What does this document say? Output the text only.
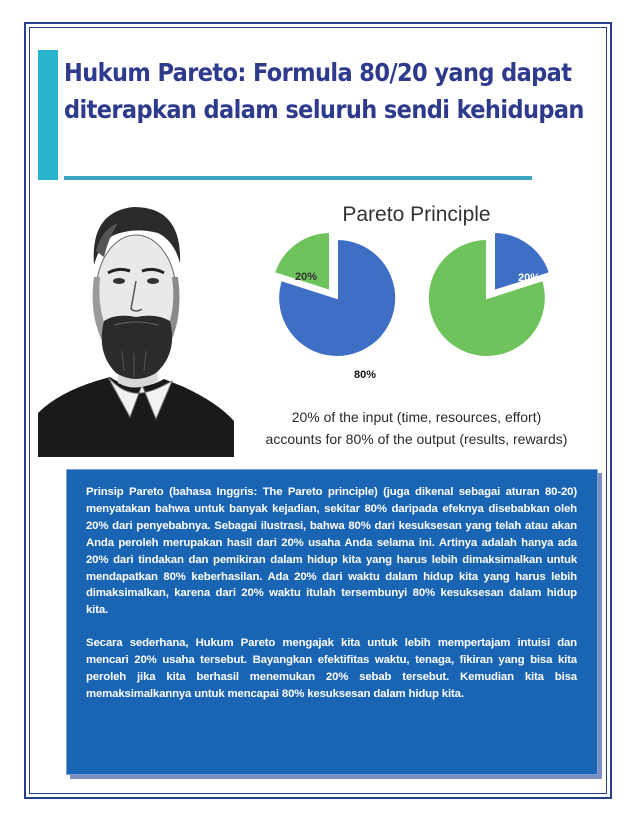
Hukum Pareto: Formula 80/20 yang dapat diterapkan dalam seluruh sendi kehidupan
Pareto Principle
20%
80%
20%
80%
20% of the input (time, resources, effort)
accounts for 80% of the output (results, rewards)

Prinsip Pareto (bahasa Inggris: The Pareto principle) (juga dikenal sebagai aturan 80-20) menyatakan bahwa untuk banyak kejadian, sekitar 80% daripada efeknya disebabkan oleh 20% dari penyebabnya. Sebagai ilustrasi, bahwa 80% dari kesuksesan yang telah atau akan Anda peroleh merupakan hasil dari 20% usaha Anda selama ini. Artinya adalah hanya ada 20% dari tindakan dan pemikiran dalam hidup kita yang harus lebih dimaksimalkan untuk mendapatkan 80% keberhasilan. Ada 20% dari waktu dalam hidup kita yang harus lebih dimaksimalkan, karena dari 20% waktu itulah tersembunyi 80% kesuksesan dalam hidup kita.

Secara sederhana, Hukum Pareto mengajak kita untuk lebih mempertajam intuisi dan mencari 20% usaha tersebut. Bayangkan efektifitas waktu, tenaga, fikiran yang bisa kita peroleh jika kita berhasil menemukan 20% sebab tersebut. Kemudian kita bisa memaksimalkannya untuk mencapai 80% kesuksesan dalam hidup kita.
